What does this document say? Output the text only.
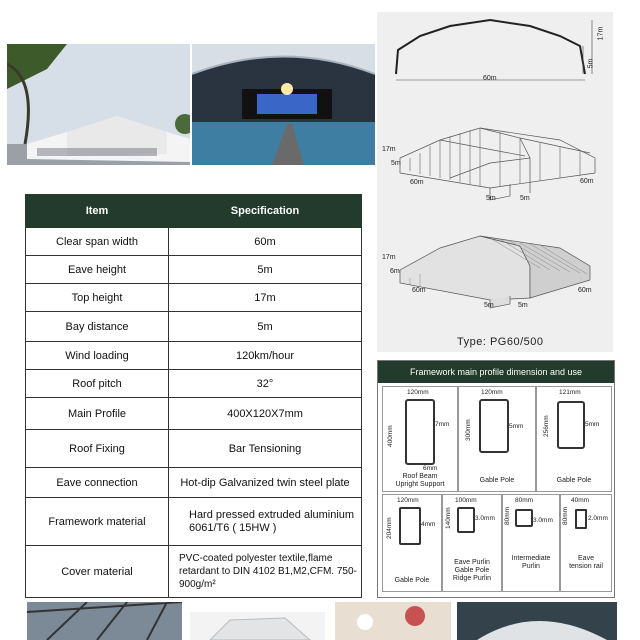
60m
17m
5m
17m
5m
60m	60m
5m	5m
17m
6m
60m	60m
5m	5m
Type: PG60/500
Item	Specification
Clear span width	60m
Eave height	5m
Top height	17m
Bay distance	5m
Wind loading	120km/hour
Roof pitch	32°
Main Profile	400X120X7mm
Roof Fixing	Bar Tensioning
Eave connection	Hot-dip Galvanized twin steel plate
Framework material	Hard pressed extruded aluminium 6061/T6 ( 15HW )
Cover material	PVC-coated polyester textile,flame retardant to DIN 4102 B1,M2,CFM. 750-900g/m²
Framework main profile dimension and use
120mm
400mm
7mm
6mm
Roof Beam
Upright Support
120mm
300mm	5mm
Gable Pole
121mm
256mm	5mm
Gable Pole
120mm
204mm	4mm
Gable Pole
100mm
140mm	3.0mm
Eave Purlin
Gable Pole
Ridge Purlin
80mm
80mm	3.0mm
Intermediate
Purlin
40mm
80mm	2.0mm
Eave
tension rail
